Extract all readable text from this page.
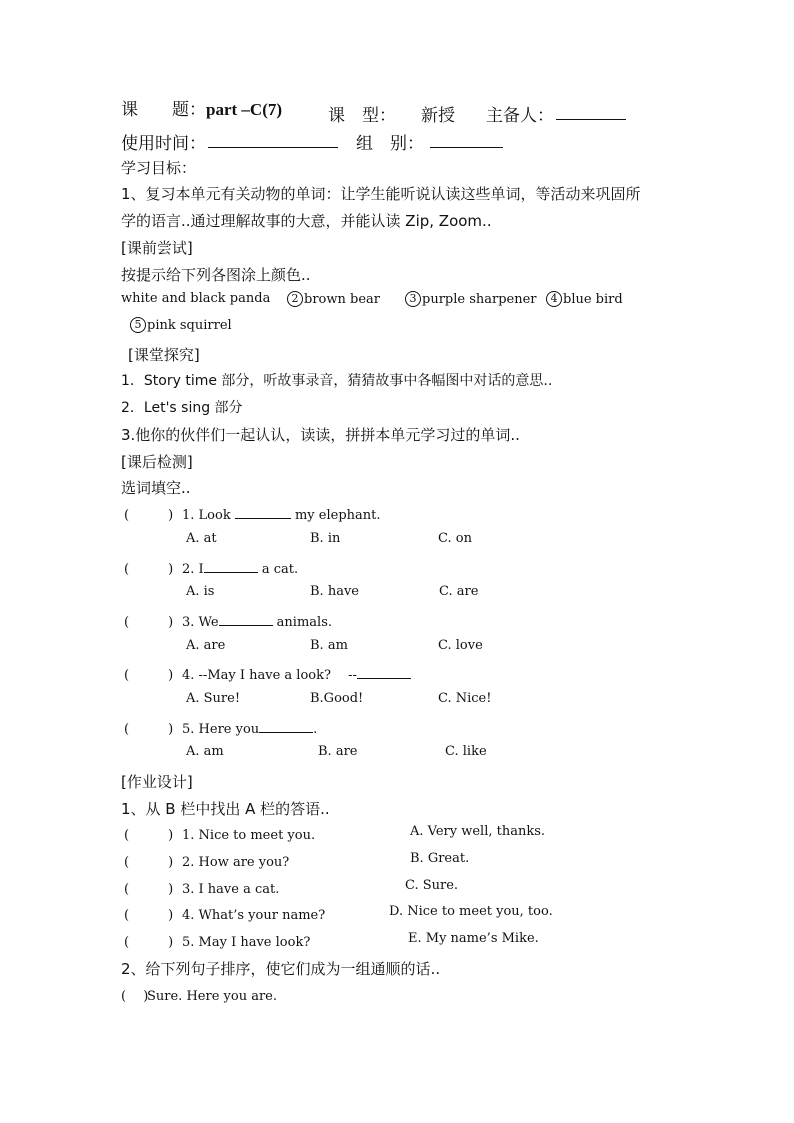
课　　题：part –C(7)	课　型： 新授 主备人：
使用时间：	组　别：
学习目标：
1、复习本单元有关动物的单词：让学生能听说认读这些单词，等活动来巩固所
学的语言..通过理解故事的大意，并能认读 Zip, Zoom..
[课前尝试]
按提示给下列各图涂上颜色..
white and black panda	2 brown bear	3 purple sharpener	4 blue bird
5 pink squirrel
[课堂探究]
1．Story time 部分，听故事录音，猜猜故事中各幅图中对话的意思..
2．Let's sing 部分
3.他你的伙伴们一起认认，读读，拼拼本单元学习过的单词..
[课后检测]
选词填空..
(　　　) 1. Look	my elephant.
A. at	B. in	C. on
(　　　) 2. I	a cat.
A. is	B. have	C. are
(　　　) 3. We	animals.
A. are	B. am	C. love
(　　　) 4. --May I have a look?　 --
A. Sure!	B.Good!	C. Nice!
(　　　) 5. Here you	.
A. am	B. are	C. like
[作业设计]
1、从 B 栏中找出 A 栏的答语..
(　　　) 1. Nice to meet you.	A. Very well, thanks.
(　　　) 2. How are you?	B. Great.
(　　　) 3. I have a cat.	C. Sure.
(　　　) 4. What’s your name?	D. Nice to meet you, too.
(　　　) 5. May I have look?	E. My name’s Mike.
2、给下列句子排序，使它们成为一组通顺的话..
(　 )Sure. Here you are.
